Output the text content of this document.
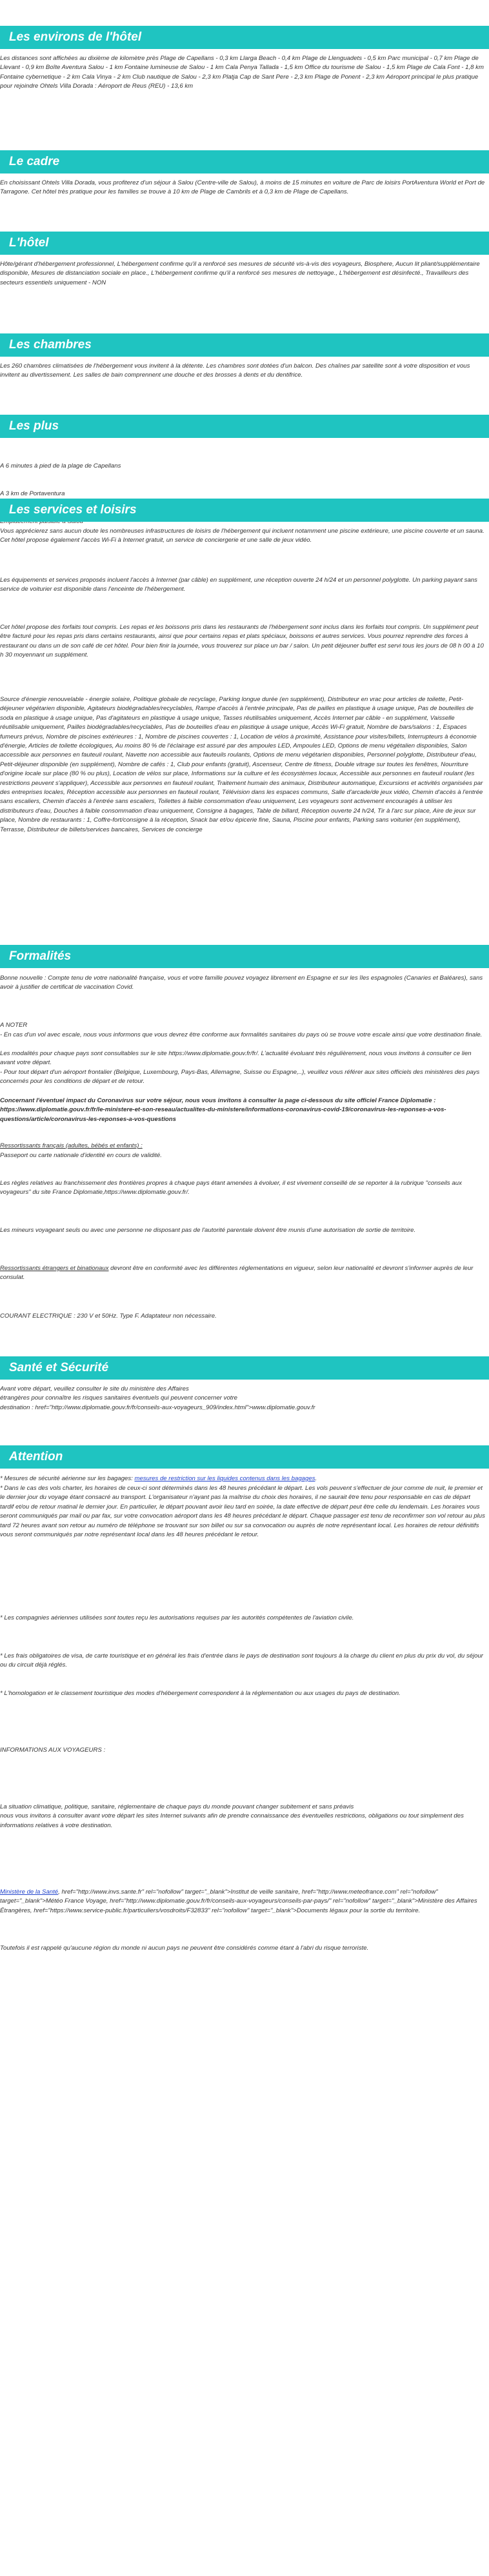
Les environs de l'hôtel
Les distances sont affichées au dixième de kilomètre près Plage de Capellans - 0,3 km Llarga Beach - 0,4 km Plage de Llenguadets - 0,5 km Parc municipal - 0,7 km Plage de Llevant - 0,9 km Boîte Aventura Salou - 1 km Fontaine lumineuse de Salou - 1 km Cala Penya Tallada - 1,5 km Office du tourisme de Salou - 1,5 km Plage de Cala Font - 1,8 km Fontaine cybernetique - 2 km Cala Vinya - 2 km Club nautique de Salou - 2,3 km Platja Cap de Sant Pere - 2,3 km Plage de Ponent - 2,3 km Aéroport principal le plus pratique pour rejoindre Ohtels Villa Dorada : Aéroport de Reus (REU) - 13,6 km
Le cadre
En choisissant Ohtels Villa Dorada, vous profiterez d'un séjour à Salou (Centre-ville de Salou), à moins de 15 minutes en voiture de Parc de loisirs PortAventura World et Port de Tarragone. Cet hôtel très pratique pour les familles se trouve à 10 km de Plage de Cambrils et à 0,3 km de Plage de Capellans.
L'hôtel
Hôte/gérant d'hébergement professionnel, L'hébergement confirme qu'il a renforcé ses mesures de sécurité vis-à-vis des voyageurs, Biosphere, Aucun lit pliant/supplémentaire disponible, Mesures de distanciation sociale en place., L'hébergement confirme qu'il a renforcé ses mesures de nettoyage., L'hébergement est désinfecté., Travailleurs des secteurs essentiels uniquement - NON
Les chambres
Les 260 chambres climatisées de l'hébergement vous invitent à la détente. Les chambres sont dotées d'un balcon. Des chaînes par satellite sont à votre disposition et vous invitent au divertissement. Les salles de bain comprennent une douche et des brosses à dents et du dentifrice.
Les plus

A 6 minutes à pied de la plage de Capellans

A 3 km de Portaventura

Les services et loisirs
Vous apprécierez sans aucun doute les nombreuses infrastructures de loisirs de l'hébergement qui incluent notamment une piscine extérieure, une piscine couverte et un sauna. Cet hôtel propose également l'accès Wi-Fi à Internet gratuit, un service de conciergerie et une salle de jeux vidéo.
Les équipements et services proposés incluent l'accès à Internet (par câble) en supplément, une réception ouverte 24 h/24 et un personnel polyglotte. Un parking payant sans service de voiturier est disponible dans l'enceinte de l'hébergement.
Cet hôtel propose des forfaits tout compris. Les repas et les boissons pris dans les restaurants de l'hébergement sont inclus dans les forfaits tout compris. Un supplément peut être facturé pour les repas pris dans certains restaurants, ainsi que pour certains repas et plats spéciaux, boissons et autres services. Vous pourrez reprendre des forces à restaurant ou dans un de son café de cet hôtel. Pour bien finir la journée, vous trouverez sur place un bar / salon. Un petit déjeuner buffet est servi tous les jours de 08 h 00 à 10 h 30 moyennant un supplément.
Source d'énergie renouvelable - énergie solaire, Politique globale de recyclage, Parking longue durée (en supplément), Distributeur en vrac pour articles de toilette, Petit-déjeuner végétarien disponible, Agitateurs biodégradables/recyclables, Rampe d'accès à l'entrée principale, Pas de pailles en plastique à usage unique, Pas de bouteilles de soda en plastique à usage unique, Pas d'agitateurs en plastique à usage unique, Tasses réutilisables uniquement, Accès Internet par câble - en supplément, Vaisselle réutilisable uniquement, Pailles biodégradables/recyclables, Pas de bouteilles d'eau en plastique à usage unique, Accès Wi-Fi gratuit, Nombre de bars/salons : 1, Espaces fumeurs prévus, Nombre de piscines extérieures : 1, Nombre de piscines couvertes : 1, Location de vélos à proximité, Assistance pour visites/billets, Interrupteurs à économie d'énergie, Articles de toilette écologiques, Au moins 80 % de l'éclairage est assuré par des ampoules LED, Ampoules LED, Options de menu végétalien disponibles, Salon accessible aux personnes en fauteuil roulant, Navette non accessible aux fauteuils roulants, Options de menu végétarien disponibles, Personnel polyglotte, Distributeur d'eau, Petit-déjeuner disponible (en supplément), Nombre de cafés : 1, Club pour enfants (gratuit), Ascenseur, Centre de fitness, Double vitrage sur toutes les fenêtres, Nourriture d'origine locale sur place (80 % ou plus), Location de vélos sur place, Informations sur la culture et les écosystèmes locaux, Accessible aux personnes en fauteuil roulant (les restrictions peuvent s'appliquer), Accessible aux personnes en fauteuil roulant, Traitement humain des animaux, Distributeur automatique, Excursions et activités organisées par des entreprises locales, Réception accessible aux personnes en fauteuil roulant, Télévision dans les espaces communs, Salle d'arcade/de jeux vidéo, Chemin d'accès à l'entrée sans escaliers, Chemin d'accès à l'entrée sans escaliers, Toilettes à faible consommation d'eau uniquement, Les voyageurs sont activement encouragés à utiliser les distributeurs d'eau, Douches à faible consommation d'eau uniquement, Consigne à bagages, Table de billard, Réception ouverte 24 h/24, Tir à l'arc sur place, Aire de jeux sur place, Nombre de restaurants : 1, Coffre-fort/consigne à la réception, Snack bar et/ou épicerie fine, Sauna, Piscine pour enfants, Parking sans voiturier (en supplément), Terrasse, Distributeur de billets/services bancaires, Services de concierge
Formalités
Bonne nouvelle : Compte tenu de votre nationalité française, vous et votre famille pouvez voyagez librement en Espagne et sur les îles espagnoles (Canaries et Baléares), sans avoir à justifier de certificat de vaccination Covid.
A NOTER
- En cas d'un vol avec escale, nous vous informons que vous devrez être conforme aux formalités sanitaires du pays où se trouve votre escale ainsi que votre destination finale.
Les modalités pour chaque pays sont consultables sur le site https://www.diplomatie.gouv.fr/fr/. L'actualité évoluant très régulièrement, nous vous invitons à consulter ce lien avant votre départ.
- Pour tout départ d'un aéroport frontalier (Belgique, Luxembourg, Pays-Bas, Allemagne, Suisse ou Espagne,..), veuillez vous référer aux sites officiels des ministères des pays concernés pour les conditions de départ et de retour.
Concernant l'éventuel impact du Coronavirus sur votre séjour, nous vous invitons à consulter la page ci-dessous du site officiel France Diplomatie : https://www.diplomatie.gouv.fr/fr/le-ministere-et-son-reseau/actualites-du-ministere/informations-coronavirus-covid-19/coronavirus-les-reponses-a-vos-questions/article/coronavirus-les-reponses-a-vos-questions
Ressortissants français (adultes, bébés et enfants) :
Passeport ou carte nationale d'identité en cours de validité.
Les règles relatives au franchissement des frontières propres à chaque pays étant amenées à évoluer, il est vivement conseillé de se reporter à la rubrique "conseils aux voyageurs" du site France Diplomatie,https://www.diplomatie.gouv.fr/.
Les mineurs voyageant seuls ou avec une personne ne disposant pas de l'autorité parentale doivent être munis d'une autorisation de sortie de territoire.
Ressortissants étrangers et binationaux devront être en conformité avec les différentes réglementations en vigueur, selon leur nationalité et devront s'informer auprès de leur consulat.
COURANT ELECTRIQUE : 230 V et 50Hz. Type F. Adaptateur non nécessaire.
Santé et Sécurité
Avant votre départ, veuillez consulter le site du ministère des Affaires
étrangères pour connaître les risques sanitaires éventuels qui peuvent concerner votre
destination : href="http://www.diplomatie.gouv.fr/fr/conseils-aux-voyageurs_909/index.html">www.diplomatie.gouv.fr
Attention
* Mesures de sécurité aérienne sur les bagages: mesures de restriction sur les liquides contenus dans les bagages.
* Dans le cas des vols charter, les horaires de ceux-ci sont déterminés dans les 48 heures précédant le départ. Les vols peuvent s'effectuer de jour comme de nuit, le premier et le dernier jour du voyage étant consacré au transport. L'organisateur n'ayant pas la maîtrise du choix des horaires, il ne saurait être tenu pour responsable en cas de départ tardif et/ou de retour matinal le dernier jour. En particulier, le départ pouvant avoir lieu tard en soirée, la date effective de départ peut être celle du lendemain. Les horaires vous seront communiqués par mail ou par fax, sur votre convocation aéroport dans les 48 heures précédant le départ. Chaque passager est tenu de reconfirmer son vol retour au plus tard 72 heures avant son retour au numéro de téléphone se trouvant sur son billet ou sur sa convocation ou auprès de notre représentant local. Les horaires de retour définitifs vous seront communiqués par notre représentant local dans les 48 heures précédant le retour.
* Les compagnies aériennes utilisées sont toutes reçu les autorisations requises par les autorités compétentes de l'aviation civile.
* Les frais obligatoires de visa, de carte touristique et en général les frais d'entrée dans le pays de destination sont toujours à la charge du client en plus du prix du vol, du séjour ou du circuit déjà réglés.
* L'homologation et le classement touristique des modes d'hébergement correspondent à la réglementation ou aux usages du pays de destination.
INFORMATIONS AUX VOYAGEURS :
La situation climatique, politique, sanitaire, réglementaire de chaque pays du monde pouvant changer subitement et sans préavis
nous vous invitons à consulter avant votre départ les sites Internet suivants afin de prendre connaissance des éventuelles restrictions, obligations ou tout simplement des informations relatives à votre destination.
Ministère de la Santé, href="http://www.invs.sante.fr" rel="nofollow" target="_blank">Institut de veille sanitaire, href="http://www.meteofrance.com" rel="nofollow" target="_blank">Météo France Voyage, href="http://www.diplomatie.gouv.fr/fr/conseils-aux-voyageurs/conseils-par-pays/" rel="nofollow" target="_blank">Ministère des Affaires Étrangères, href="https://www.service-public.fr/particuliers/vosdroits/F32833" rel="nofollow" target="_blank">Documents légaux pour la sortie du territoire.
Toutefois il est rappelé qu'aucune région du monde ni aucun pays ne peuvent être considérés comme étant à l'abri du risque terroriste.
